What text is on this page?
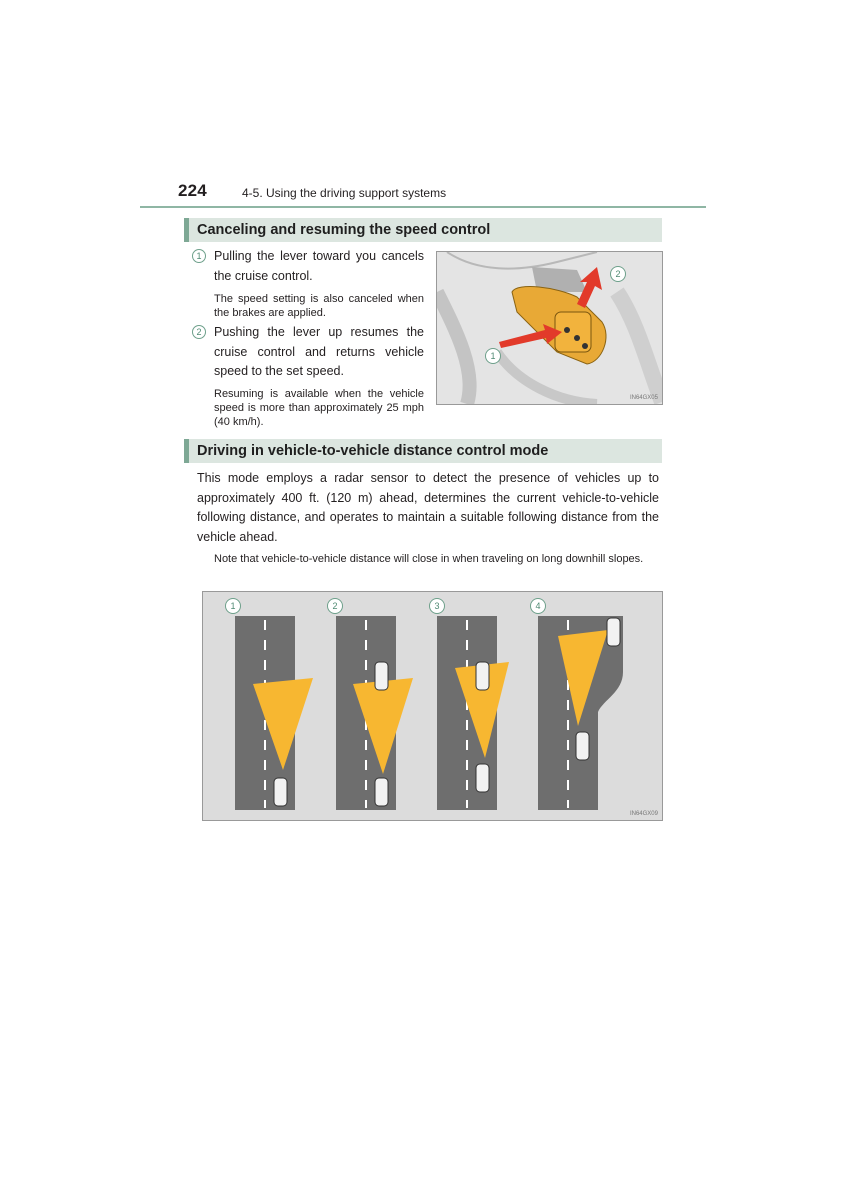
224	4-5. Using the driving support systems
Canceling and resuming the speed control
1	Pulling the lever toward you cancels the cruise control.
The speed setting is also canceled when the brakes are applied.
2	Pushing the lever up resumes the cruise control and returns vehicle speed to the set speed.
Resuming is available when the vehicle speed is more than approximately 25 mph (40 km/h).
1
2
IN64GX05
Driving in vehicle-to-vehicle distance control mode
This mode employs a radar sensor to detect the presence of vehicles up to approximately 400 ft. (120 m) ahead, determines the current vehicle-to-vehicle following distance, and operates to maintain a suitable following distance from the vehicle ahead.
Note that vehicle-to-vehicle distance will close in when traveling on long downhill slopes.
1	2	3	4
IN64GX09
